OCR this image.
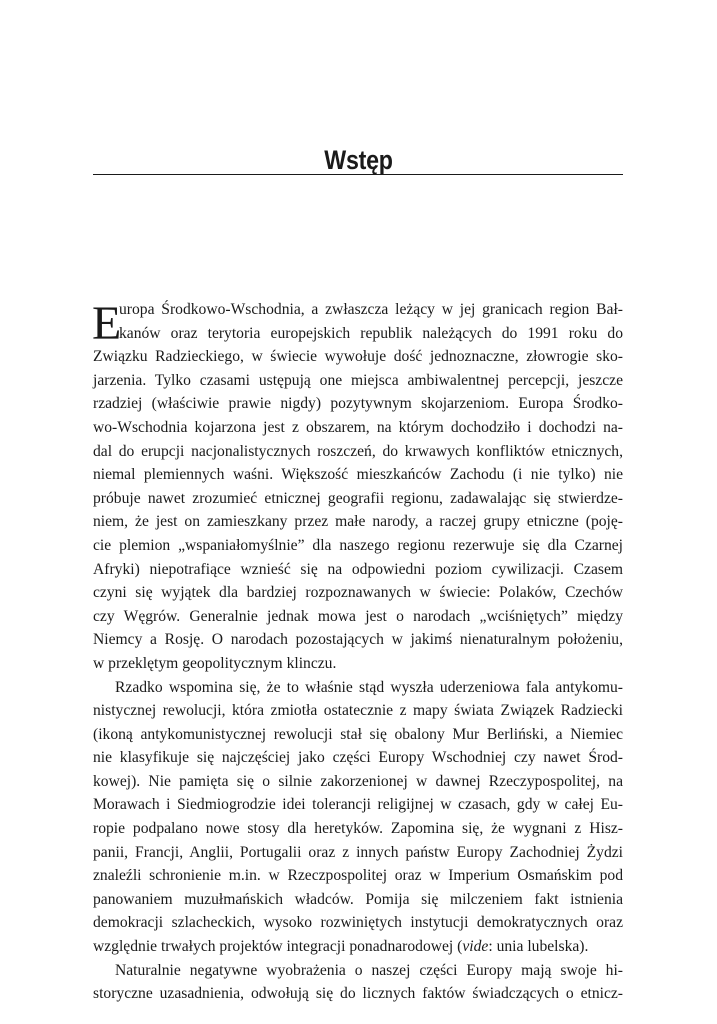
Wstęp
E
uropa Środkowo-Wschodnia, a zwłaszcza leżący w jej granicach region Bał-
kanów oraz terytoria europejskich republik należących do 1991 roku do
Związku Radzieckiego, w świecie wywołuje dość jednoznaczne, złowrogie sko-
jarzenia. Tylko czasami ustępują one miejsca ambiwalentnej percepcji, jeszcze
rzadziej (właściwie prawie nigdy) pozytywnym skojarzeniom. Europa Środko-
wo-Wschodnia kojarzona jest z obszarem, na którym dochodziło i dochodzi na-
dal do erupcji nacjonalistycznych roszczeń, do krwawych konfliktów etnicznych,
niemal plemiennych waśni. Większość mieszkańców Zachodu (i nie tylko) nie
próbuje nawet zrozumieć etnicznej geografii regionu, zadawalając się stwierdze-
niem, że jest on zamieszkany przez małe narody, a raczej grupy etniczne (poję-
cie plemion „wspaniałomyślnie” dla naszego regionu rezerwuje się dla Czarnej
Afryki) niepotrafiące wznieść się na odpowiedni poziom cywilizacji. Czasem
czyni się wyjątek dla bardziej rozpoznawanych w świecie: Polaków, Czechów
czy Węgrów. Generalnie jednak mowa jest o narodach „wciśniętych” między
Niemcy a Rosję. O narodach pozostających w jakimś nienaturalnym położeniu,
w przeklętym geopolitycznym klinczu.
Rzadko wspomina się, że to właśnie stąd wyszła uderzeniowa fala antykomu-
nistycznej rewolucji, która zmiotła ostatecznie z mapy świata Związek Radziecki
(ikoną antykomunistycznej rewolucji stał się obalony Mur Berliński, a Niemiec
nie klasyfikuje się najczęściej jako części Europy Wschodniej czy nawet Środ-
kowej). Nie pamięta się o silnie zakorzenionej w dawnej Rzeczypospolitej, na
Morawach i Siedmiogrodzie idei tolerancji religijnej w czasach, gdy w całej Eu-
ropie podpalano nowe stosy dla heretyków. Zapomina się, że wygnani z Hisz-
panii, Francji, Anglii, Portugalii oraz z innych państw Europy Zachodniej Żydzi
znaleźli schronienie m.in. w Rzeczpospolitej oraz w Imperium Osmańskim pod
panowaniem muzułmańskich władców. Pomija się milczeniem fakt istnienia
demokracji szlacheckich, wysoko rozwiniętych instytucji demokratycznych oraz
względnie trwałych projektów integracji ponadnarodowej (vide: unia lubelska).
Naturalnie negatywne wyobrażenia o naszej części Europy mają swoje hi-
storyczne uzasadnienia, odwołują się do licznych faktów świadczących o etnicz-
